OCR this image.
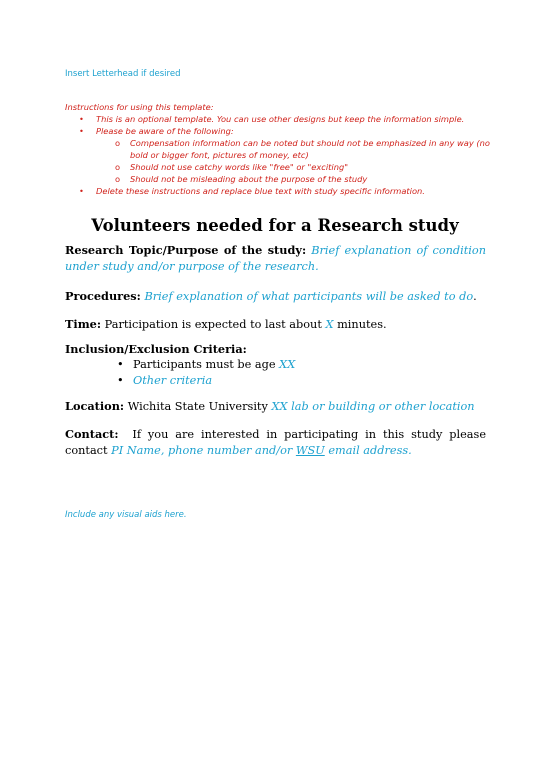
Insert Letterhead if desired
Instructions for using this template:
• This is an optional template. You can use other designs but keep the information simple.
• Please be aware of the following:
o Compensation information can be noted but should not be emphasized in any way (no
bold or bigger font, pictures of money, etc)
o Should not use catchy words like "free" or "exciting"
o Should not be misleading about the purpose of the study
• Delete these instructions and replace blue text with study specific information.
Volunteers needed for a Research study
Research Topic/Purpose of the study: Brief explanation of condition under study and/or purpose of the research.
Procedures: Brief explanation of what participants will be asked to do.
Time: Participation is expected to last about X minutes.
Inclusion/Exclusion Criteria:
• Participants must be age XX
• Other criteria
Location: Wichita State University XX lab or building or other location
Contact: If you are interested in participating in this study please contact PI Name, phone number and/or WSU email address.
Include any visual aids here.
